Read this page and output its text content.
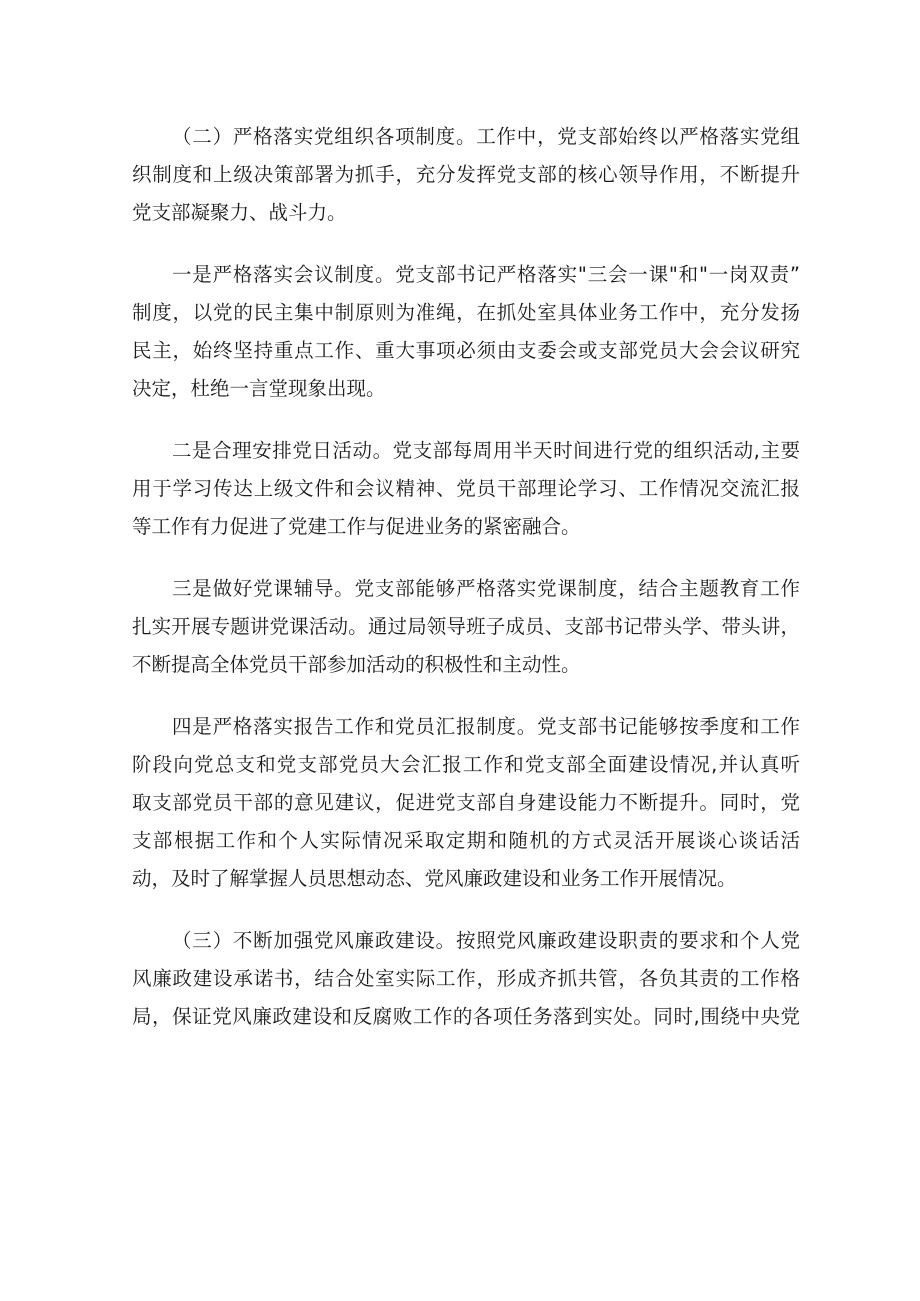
（二）严格落实党组织各项制度。工作中，党支部始终以严格落实党组
织制度和上级决策部署为抓手，充分发挥党支部的核心领导作用，不断提升
党支部凝聚力、战斗力。
一是严格落实会议制度。党支部书记严格落实"三会一课"和"一岗双责”
制度，以党的民主集中制原则为准绳，在抓处室具体业务工作中，充分发扬
民主，始终坚持重点工作、重大事项必须由支委会或支部党员大会会议研究
决定，杜绝一言堂现象出现。
二是合理安排党日活动。党支部每周用半天时间进行党的组织活动,主要
用于学习传达上级文件和会议精神、党员干部理论学习、工作情况交流汇报
等工作有力促进了党建工作与促进业务的紧密融合。
三是做好党课辅导。党支部能够严格落实党课制度，结合主题教育工作
扎实开展专题讲党课活动。通过局领导班子成员、支部书记带头学、带头讲，
不断提高全体党员干部参加活动的积极性和主动性。
四是严格落实报告工作和党员汇报制度。党支部书记能够按季度和工作
阶段向党总支和党支部党员大会汇报工作和党支部全面建设情况,并认真听
取支部党员干部的意见建议，促进党支部自身建设能力不断提升。同时，党
支部根据工作和个人实际情况采取定期和随机的方式灵活开展谈心谈话活
动，及时了解掌握人员思想动态、党风廉政建设和业务工作开展情况。
（三）不断加强党风廉政建设。按照党风廉政建设职责的要求和个人党
风廉政建设承诺书，结合处室实际工作，形成齐抓共管，各负其责的工作格
局，保证党风廉政建设和反腐败工作的各项任务落到实处。同时,围绕中央党
